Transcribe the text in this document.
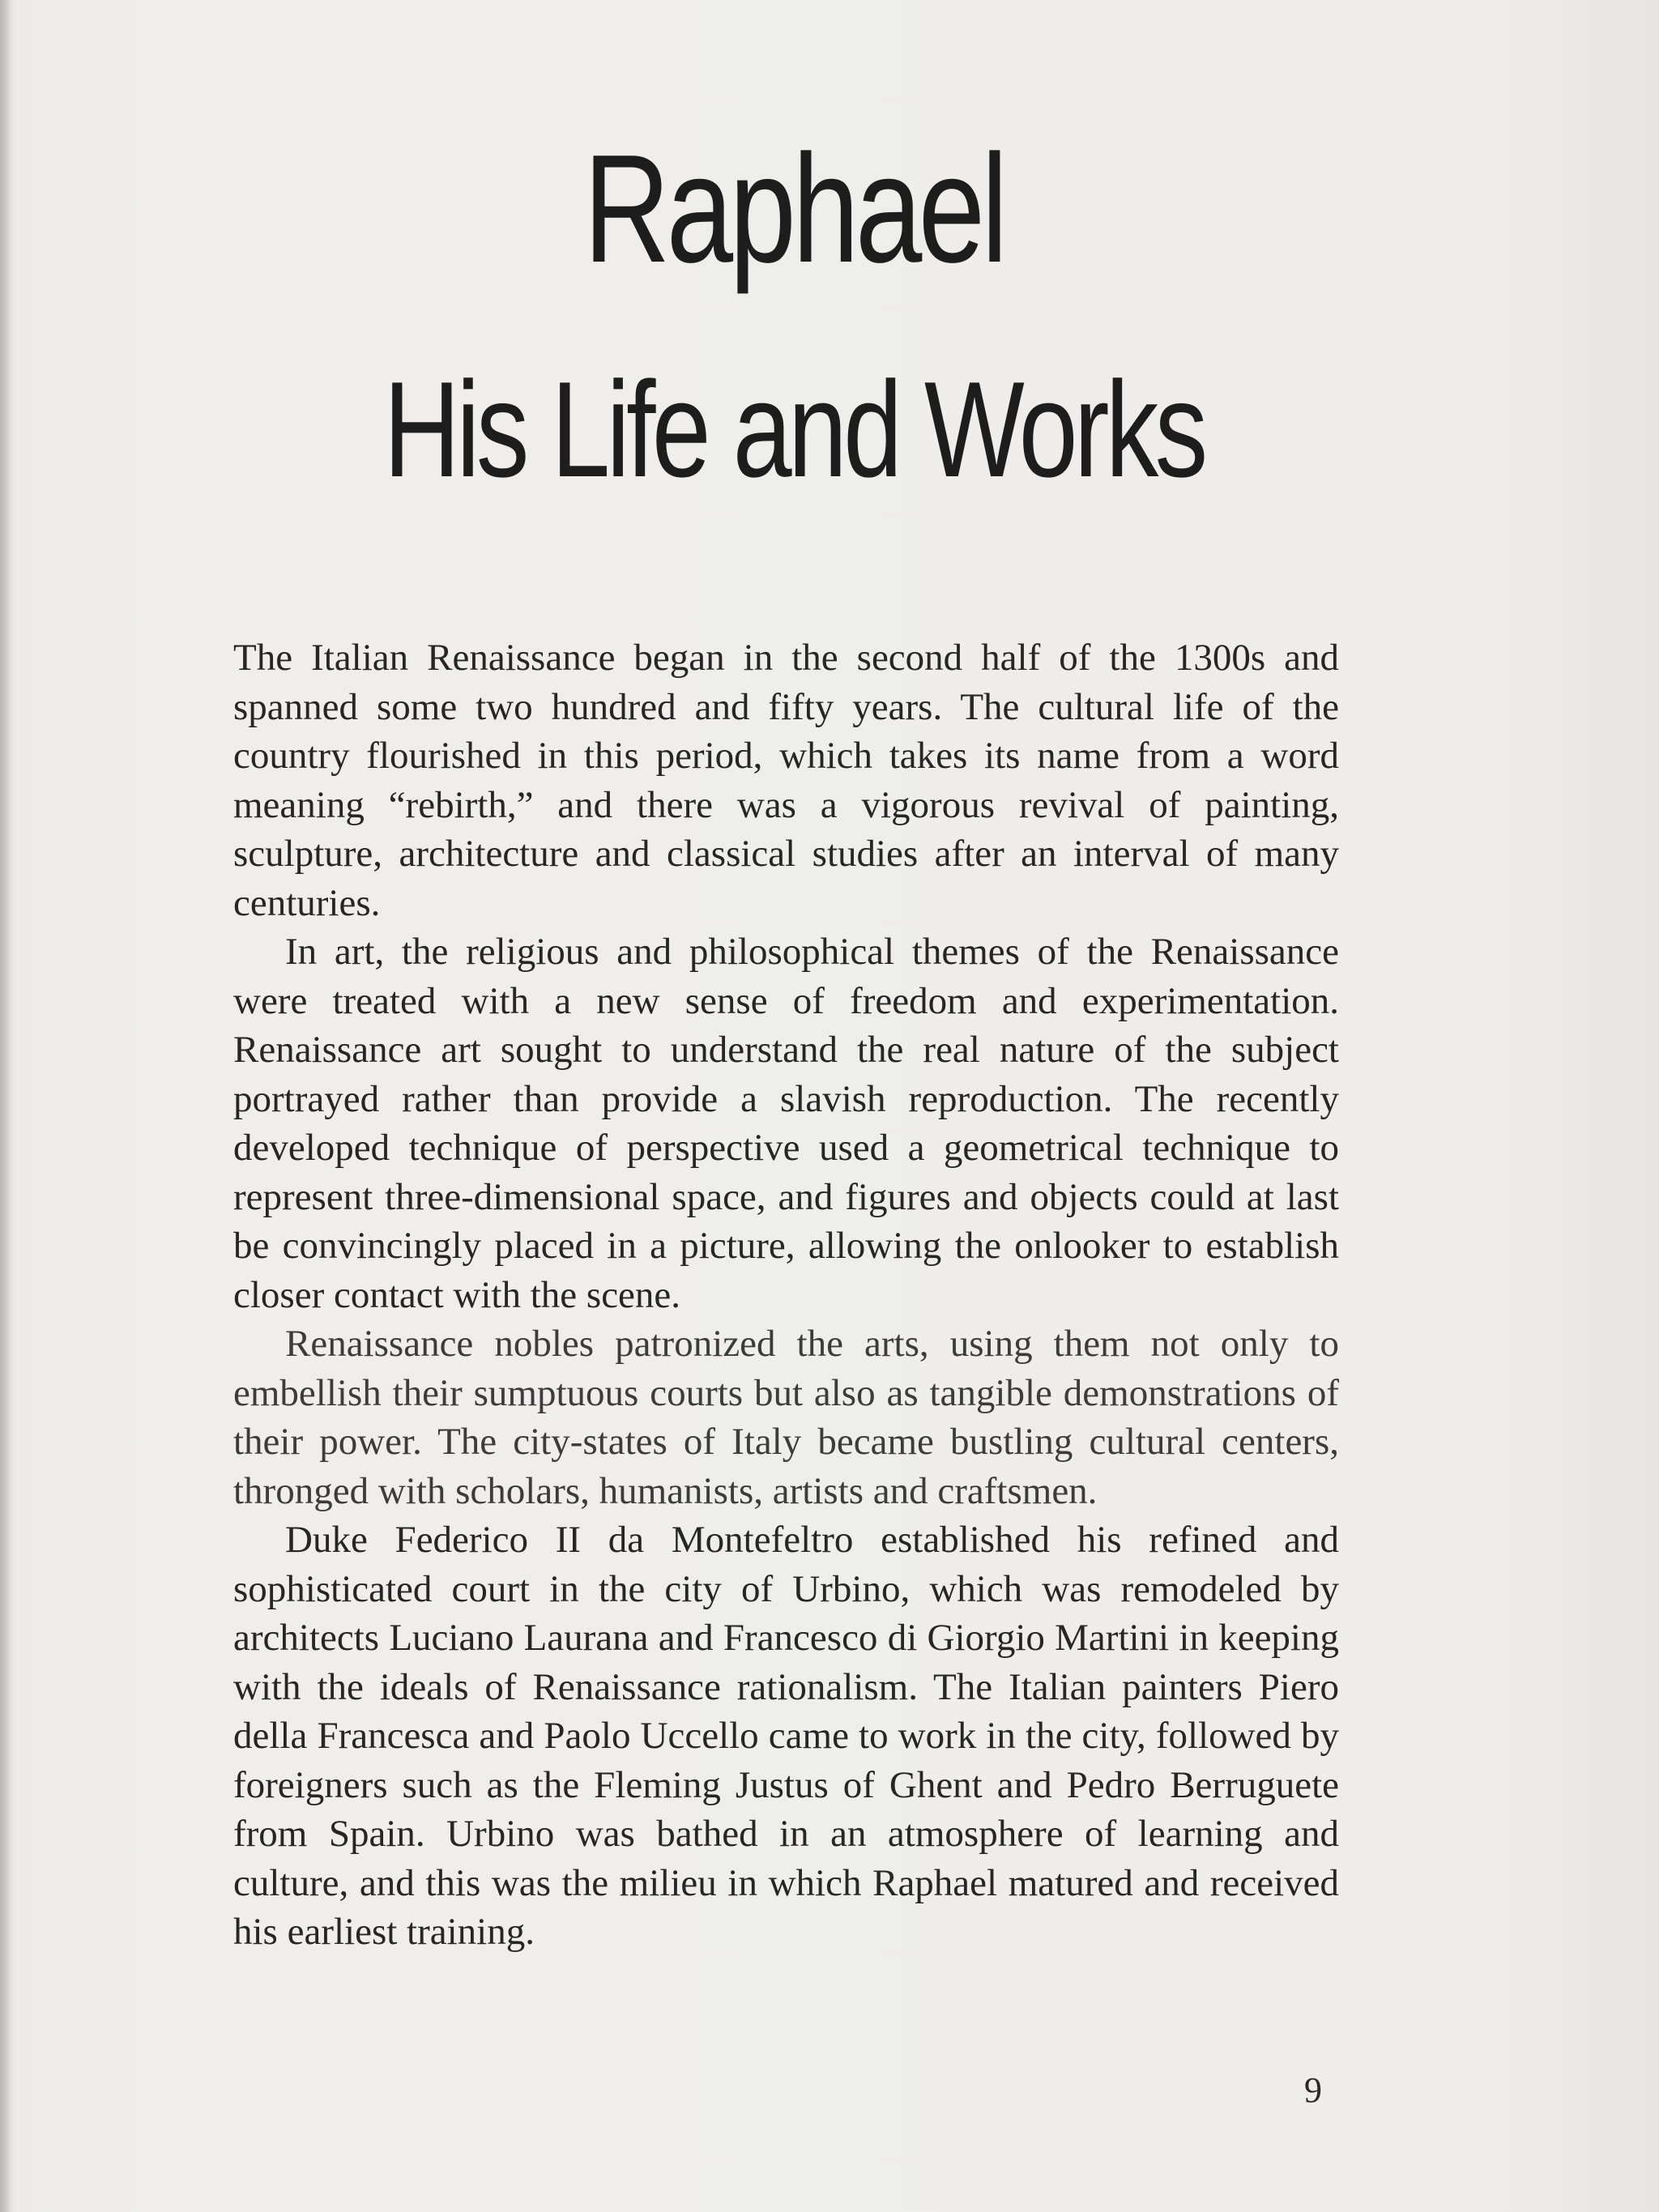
Raphael
His Life and Works

The Italian Renaissance began in the second half of the 1300s and spanned some two hundred and fifty years. The cultural life of the country flourished in this period, which takes its name from a word meaning “rebirth,” and there was a vigorous revival of painting, sculpture, architecture and classical studies after an interval of many centuries.

In art, the religious and philosophical themes of the Renaissance were treated with a new sense of freedom and experimentation. Renaissance art sought to understand the real nature of the subject portrayed rather than provide a slavish reproduction. The recently developed technique of perspective used a geometrical technique to represent three-dimensional space, and figures and objects could at last be convincingly placed in a picture, allowing the onlooker to establish closer contact with the scene.

Renaissance nobles patronized the arts, using them not only to embellish their sumptuous courts but also as tangible demonstrations of their power. The city-states of Italy became bustling cultural centers, thronged with scholars, humanists, artists and craftsmen.

Duke Federico II da Montefeltro established his refined and sophisticated court in the city of Urbino, which was remodeled by architects Luciano Laurana and Francesco di Giorgio Martini in keeping with the ideals of Renaissance rationalism. The Italian painters Piero della Francesca and Paolo Uccello came to work in the city, followed by foreigners such as the Fleming Justus of Ghent and Pedro Berruguete from Spain. Urbino was bathed in an atmosphere of learning and culture, and this was the milieu in which Raphael matured and received his earliest training.

9
